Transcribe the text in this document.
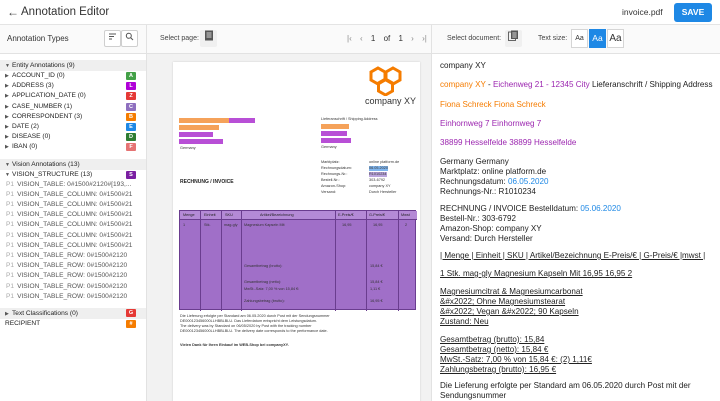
← Annotation Editor	invoice.pdf	SAVE
Annotation Types	Select page:	|‹ ‹ 1 of 1 › ›|	Select document:	Text size:	Aa	Aa Aa
▼ Entity Annotations (9)
▶ ACCOUNT_ID (0)	A
▶ ADDRESS (3)	L
▶ APPLICATION_DATE (0)	Z
▶ CASE_NUMBER (1)	C
▶ CORRESPONDENT (3)	B
▶ DATE (2)	E
▶ DISEASE (0)	D
▶ IBAN (0)	F
▼ Vision Annotations (13)
▼ VISION_STRUCTURE (13)	S
P1 VISION_TABLE: 0#1500#2120#[193,...
P1 VISION_TABLE_COLUMN: 0#1500#21
P1 VISION_TABLE_COLUMN: 0#1500#21
P1 VISION_TABLE_COLUMN: 0#1500#21
P1 VISION_TABLE_COLUMN: 0#1500#21
P1 VISION_TABLE_COLUMN: 0#1500#21
P1 VISION_TABLE_COLUMN: 0#1500#21
P1 VISION_TABLE_ROW: 0#1500#2120
P1 VISION_TABLE_ROW: 0#1500#2120
P1 VISION_TABLE_ROW: 0#1500#2120
P1 VISION_TABLE_ROW: 0#1500#2120
P1 VISION_TABLE_ROW: 0#1500#2120
▶ Text Classifications (0)	G
RECIPIENT	#
company XY
Germany
Lieferanschrift / Shipping Address
Germany
Marktplatz:	online platform.de
Rechnungsdatum:	06.05.2020
Rechnungs-Nr.:	R1010234
Bestell-Nr.:	303-6792
Amazon-Shop:	company XY
Versand:	Durch Hersteller
RECHNUNG / INVOICE
Menge Einheit SKU	Artikel/Bezeichnung	E-Preis/€	G-Preis/€	Mwst
1	Stk.	mag-gly Magnesium Kapseln Mit	16,95	16,95	2
Gesamtbetrag (brutto):	15,84 €
Gesamtbetrag (netto):	15,84 €
MwSt.-Satz: 7,00 % von 15,84 €:	1,11 €
Zahlungsbetrag (brutto):	16,95 €
Die Lieferung erfolgte per Standard am 06.05.2020 durch Post mit der Sendungsnummer
DE000123456000LLHBBLBLU. Das Lieferdatum entspricht dem Leistungsdatum.
The delivery was by Standard on 06/05/2020 by Post with the tracking number
DE000123456000LLHBBLBLU. The delivery date corresponds to the performance date.
Vielen Dank für Ihren Einkauf im WEB-Shop bei companyXY.
company XY
company XY - Eichenweg 21 - 12345 City Lieferanschrift / Shipping Address
Fiona Schreck Fiona Schreck
Einhornweg 7 Einhornweg 7
38899 Hesselfelde 38899 Hesselfelde
Germany Germany
Marktplatz: online platform.de
Rechnungsdatum: 06.05.2020
Rechnungs-Nr.: R1010234
RECHNUNG / INVOICE Bestelldatum: 05.06.2020
Bestell-Nr.: 303-6792
Amazon-Shop: company XY
Versand: Durch Hersteller
| Menge | Einheit | SKU | Artikel/Bezeichnung E-Preis/€ | G-Preis/€ |mwst |
1 Stk. mag-gly Magnesium Kapseln Mit 16,95 16,95 2
Magnesiumcitrat & Magnesiumcarbonat
&#x2022; Ohne Magnesiumstearat
&#x2022; Vegan &#x2022; 90 Kapseln
Zustand: Neu
Gesamtbetrag (brutto): 15,84
Gesamtbetrag (netto): 15,84 €
MwSt.-Satz: 7,00 % von 15,84 €: (2) 1,11€
Zahlungsbetrag (brutto): 16,95 €
Die Lieferung erfolgte per Standard am 06.05.2020 durch Post mit der
Sendungsnummer
